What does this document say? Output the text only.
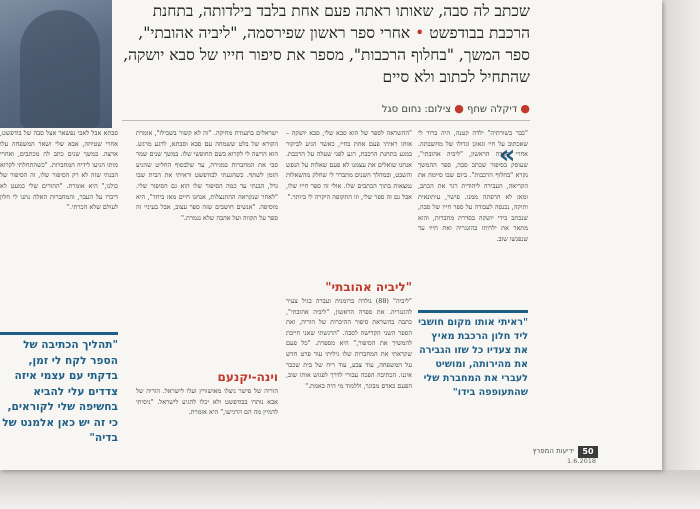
שכתב לה סבה, שאותו ראתה פעם אחת בלבד בילדותה, בתחנת הרכבת בבודפשט • אחרי ספר ראשון שפירסמה, "ליביה אהובתי", ספר המשך, "בחלוף הרכבות", מספר את סיפור חייו של סבא יושקה, שהתחיל לכתוב ולא סיים
● דיקלה שחף ● צילום: נחום סגל
«

"כבר בשורתיה" ילדה קטנה, היה ברור לי שאכתוב על חיי וגאוגן וגדולו של מחשבתה. אחרי ספרה הראשון, "ליביה אהובתי", שעוסק בסיפור שכתב סבה, ספר ההמשך נקרא "בחלוף הרכבות". ביום שבו סיימה את הקריאה, העבירה ליהודית רגר את הכתב, ומאז לא הרפתה ממנו. פישר, עיתונאית ותיקה, נכנסה לעבודה על ספר חייו של סבה, שנכתב בידי יושקה בסדרת מחברות, והוא מתאר את ילדותו בהונגריה ואת חייו עד שנפגשו שוב.

"ההשראה לספר של הוא סבא שלי, סבא יושקה – אותו ראיתי פעם אחת בחיי, כאשר הגיע לביקור במגע בתחנת הרכבת, רגע לפני שעלה על הרכבת. אנחנו שואלים את עצמנו לא פעם שאלות על הנפש והשבט, ובמהלך השנים מתברר לי שחלק מהשאלות נמצאות בתוך הכתבים שלו. אולי זה ספר חייו שלו, אבל גם זה ספר שלי, וזו התקופה היקרה לי ביותר."

ישראלים בתעודת מחיקה. "זה לא קשור בשבילו", אומרת הקורא של בלט ששמחה עם סבא וסבתא, לרגע מרגש. הוא הרשה לי לקרוא בשם החופשי שלו. במשך שנים שמר סבי את המחברות במגירה, עד שלבסוף החליט שהגיע הזמן לשתף. כשהגעתי לבודפשט וראיתי את הבית שבו גדל, הבנתי עד כמה הסיפור שלו הוא גם הסיפור שלי. "לאחר שנקראה ההתנצלות, אנחנו חיים מאז ביחד", היא מוסיפה. "אנשים חושבים שזה ספר עצוב, אבל בעיניי זה ספר על תקווה ועל אהבה שלא נגמרת."

"ליביה אהובתי"

"ליביה" (88) נולדה ברומניה ועברה בגיל צעיר להונגריה. את ספרה הראשון, "ליביה אהובתי", כתבה בהשראת סיפור ההיכרות של הוריה, ואת הספר השני הקדישה לסבה. "הרגשתי שאני חייבת להמשיך את הסיפור," היא מספרת. "כל פעם שקראתי את המחברות שלו גיליתי עוד פרט חדש על המשפחה, עוד צבע, עוד ריח של בית שכבר איננו. הכתיבה הפכה עבורי לדרך לפגוש אותו שוב, הפעם כאדם מבוגר, וללמוד מי היה באמת."

וינה-יקנעם

הוריה של פישר ניצלו מאושוויץ ועלו לישראל. הוריה של אבא נותרו בבודפשט ולא יכלו להגיע לישראל. "ניסיתי לדמיין מה הם הרגישו," היא אומרת.

סבתא אבל לאבי נפשאר אצל סבה של בודפשט, אחרי שטיחה, אבא שלי ושאר המשפחה עלו ארצה. במשך שנים כתב לה מכתבים, ואחרי מותו הגיעו לידיה המחברות. "כשהתחלתי לקרוא הבנתי שזה לא רק הסיפור שלו, זה הסיפור של כולנו," היא אומרת. "ההורים שלי כמעט לא דיברו על העבר, והמחברות האלה נתנו לי חלון לעולם שלא הכרתי."

"ראיתי אותו מקום חושבי ליד חלון הרכבת מאיץ את צעדיו כל שזו הגבירה את מהירותה, ומושיט לעברי את המחברת שלי שהתעופפה בידו"
"תהליך הכתיבה של הספר לקח לי זמן, בדקתי עם עצמי איזה צדדים עלי להביא בחשיפה שלי לקוראים, כי זה יש כאן אלמנט של בדיה"
50
ידיעות המפרץ
1.6.2018
